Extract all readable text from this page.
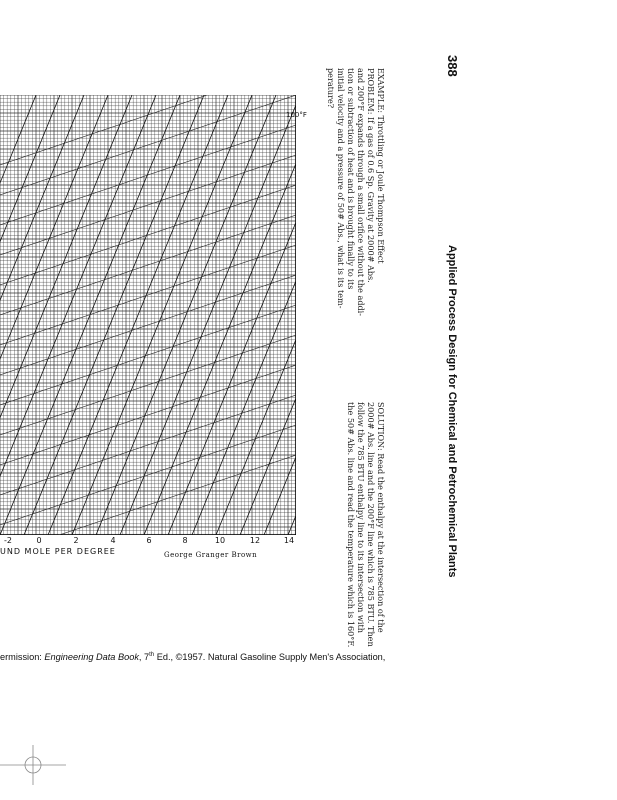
100°F
-2	0	2	4	6	8	10	12	14
UND MOLE PER DEGREE	George Granger Brown
388
Applied Process Design for Chemical and Petrochemical Plants
EXAMPLE: Throttling or Joule Thompson Effect
PROBLEM: If a gas of 0.6 Sp. Gravity at 2000# Abs.
and 200°F expands through a small orifice without the addi-
tion or subtraction of heat and is brought finally to its
initial velocity and a pressure of 50# Abs., what is its tem-
perature?
SOLUTION: Read the enthalpy at the intersection of the
2000# Abs. line and the 200°F line which is 785 BTU. Then
follow the 785 BTU enthalpy line to its intersection with
the 50# Abs. line and read the temperature which is 160°F.
ermission: Engineering Data Book, 7th Ed., ©1957. Natural Gasoline Supply Men's Association,
